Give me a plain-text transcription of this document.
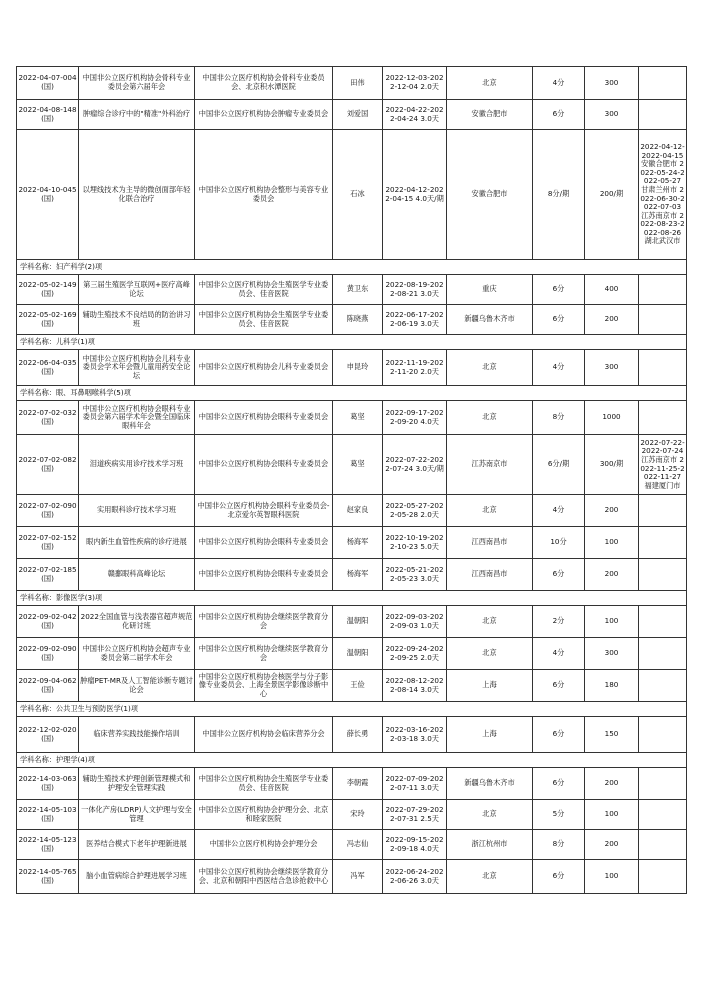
2022-04-07-004 (国)	中国非公立医疗机构协会骨科专业委员会第六届年会	中国非公立医疗机构协会骨科专业委员会、北京积水潭医院	田伟	2022-12-03-2022-12-04 2.0天	北京	4分	300	
2022-04-08-148 (国)	肿瘤综合诊疗中的"精准"外科治疗	中国非公立医疗机构协会肿瘤专业委员会	刘爱国	2022-04-22-2022-04-24 3.0天	安徽合肥市	6分	300	
2022-04-10-045 (国)	以埋线技术为主导的微创面部年轻化联合治疗	中国非公立医疗机构协会整形与美容专业委员会	石冰	2022-04-12-2022-04-15 4.0天/期	安徽合肥市	8分/期	200/期	2022-04-12-2022-04-15 安徽合肥市 2022-05-24-2022-05-27 甘肃兰州市 2022-06-30-2022-07-03 江苏南京市 2022-08-23-2022-08-26 湖北武汉市
学科名称：妇产科学(2)项								
2022-05-02-149 (国)	第三届生殖医学互联网+医疗高峰论坛	中国非公立医疗机构协会生殖医学专业委员会、佳音医院	黄卫东	2022-08-19-2022-08-21 3.0天	重庆	6分	400	
2022-05-02-169 (国)	辅助生殖技术不良结局的防治讲习班	中国非公立医疗机构协会生殖医学专业委员会、佳音医院	陈晓燕	2022-06-17-2022-06-19 3.0天	新疆乌鲁木齐市	6分	200	
学科名称：儿科学(1)项								
2022-06-04-035 (国)	中国非公立医疗机构协会儿科专业委员会学术年会暨儿童用药安全论坛	中国非公立医疗机构协会儿科专业委员会	申昆玲	2022-11-19-2022-11-20 2.0天	北京	4分	300	
学科名称：眼、耳鼻咽喉科学(5)项								
2022-07-02-032 (国)	中国非公立医疗机构协会眼科专业委员会第六届学术年会暨全国临床眼科年会	中国非公立医疗机构协会眼科专业委员会	葛坚	2022-09-17-2022-09-20 4.0天	北京	8分	1000	
2022-07-02-082 (国)	泪道疾病实用诊疗技术学习班	中国非公立医疗机构协会眼科专业委员会	葛坚	2022-07-22-2022-07-24 3.0天/期	江苏南京市	6分/期	300/期	2022-07-22-2022-07-24 江苏南京市 2022-11-25-2022-11-27 福建厦门市
2022-07-02-090 (国)	实用眼科诊疗技术学习班	中国非公立医疗机构协会眼科专业委员会-北京爱尔英智眼科医院	赵家良	2022-05-27-2022-05-28 2.0天	北京	4分	200	
2022-07-02-152 (国)	眼内新生血管性疾病的诊疗进展	中国非公立医疗机构协会眼科专业委员会	杨海军	2022-10-19-2022-10-23 5.0天	江西南昌市	10分	100	
2022-07-02-185 (国)	赣鄱眼科高峰论坛	中国非公立医疗机构协会眼科专业委员会	杨海军	2022-05-21-2022-05-23 3.0天	江西南昌市	6分	200	
学科名称：影像医学(3)项								
2022-09-02-042 (国)	2022全国血管与浅表器官超声规范化研讨班	中国非公立医疗机构协会继续医学教育分会	温朝阳	2022-09-03-2022-09-03 1.0天	北京	2分	100	
2022-09-02-090 (国)	中国非公立医疗机构协会超声专业委员会第二届学术年会	中国非公立医疗机构协会继续医学教育分会	温朝阳	2022-09-24-2022-09-25 2.0天	北京	4分	300	
2022-09-04-062 (国)	肿瘤PET-MR及人工智能诊断专题讨论会	中国非公立医疗机构协会核医学与分子影像专业委员会、上海全景医学影像诊断中心	王俭	2022-08-12-2022-08-14 3.0天	上海	6分	180	
学科名称：公共卫生与预防医学(1)项								
2022-12-02-020 (国)	临床营养实践技能操作培训	中国非公立医疗机构协会临床营养分会	薛长勇	2022-03-16-2022-03-18 3.0天	上海	6分	150	
学科名称：护理学(4)项								
2022-14-03-063 (国)	辅助生殖技术护理创新管理模式和护理安全管理实践	中国非公立医疗机构协会生殖医学专业委员会、佳音医院	李朝霞	2022-07-09-2022-07-11 3.0天	新疆乌鲁木齐市	6分	200	
2022-14-05-103 (国)	一体化产房(LDRP)人文护理与安全管理	中国非公立医疗机构协会护理分会、北京和睦家医院	宋玲	2022-07-29-2022-07-31 2.5天	北京	5分	100	
2022-14-05-123 (国)	医养结合模式下老年护理新进展	中国非公立医疗机构协会护理分会	冯志仙	2022-09-15-2022-09-18 4.0天	浙江杭州市	8分	200	
2022-14-05-765 (国)	脑小血管病综合护理进展学习班	中国非公立医疗机构协会继续医学教育分会、北京和朝阳中西医结合急诊抢救中心	冯军	2022-06-24-2022-06-26 3.0天	北京	6分	100	
